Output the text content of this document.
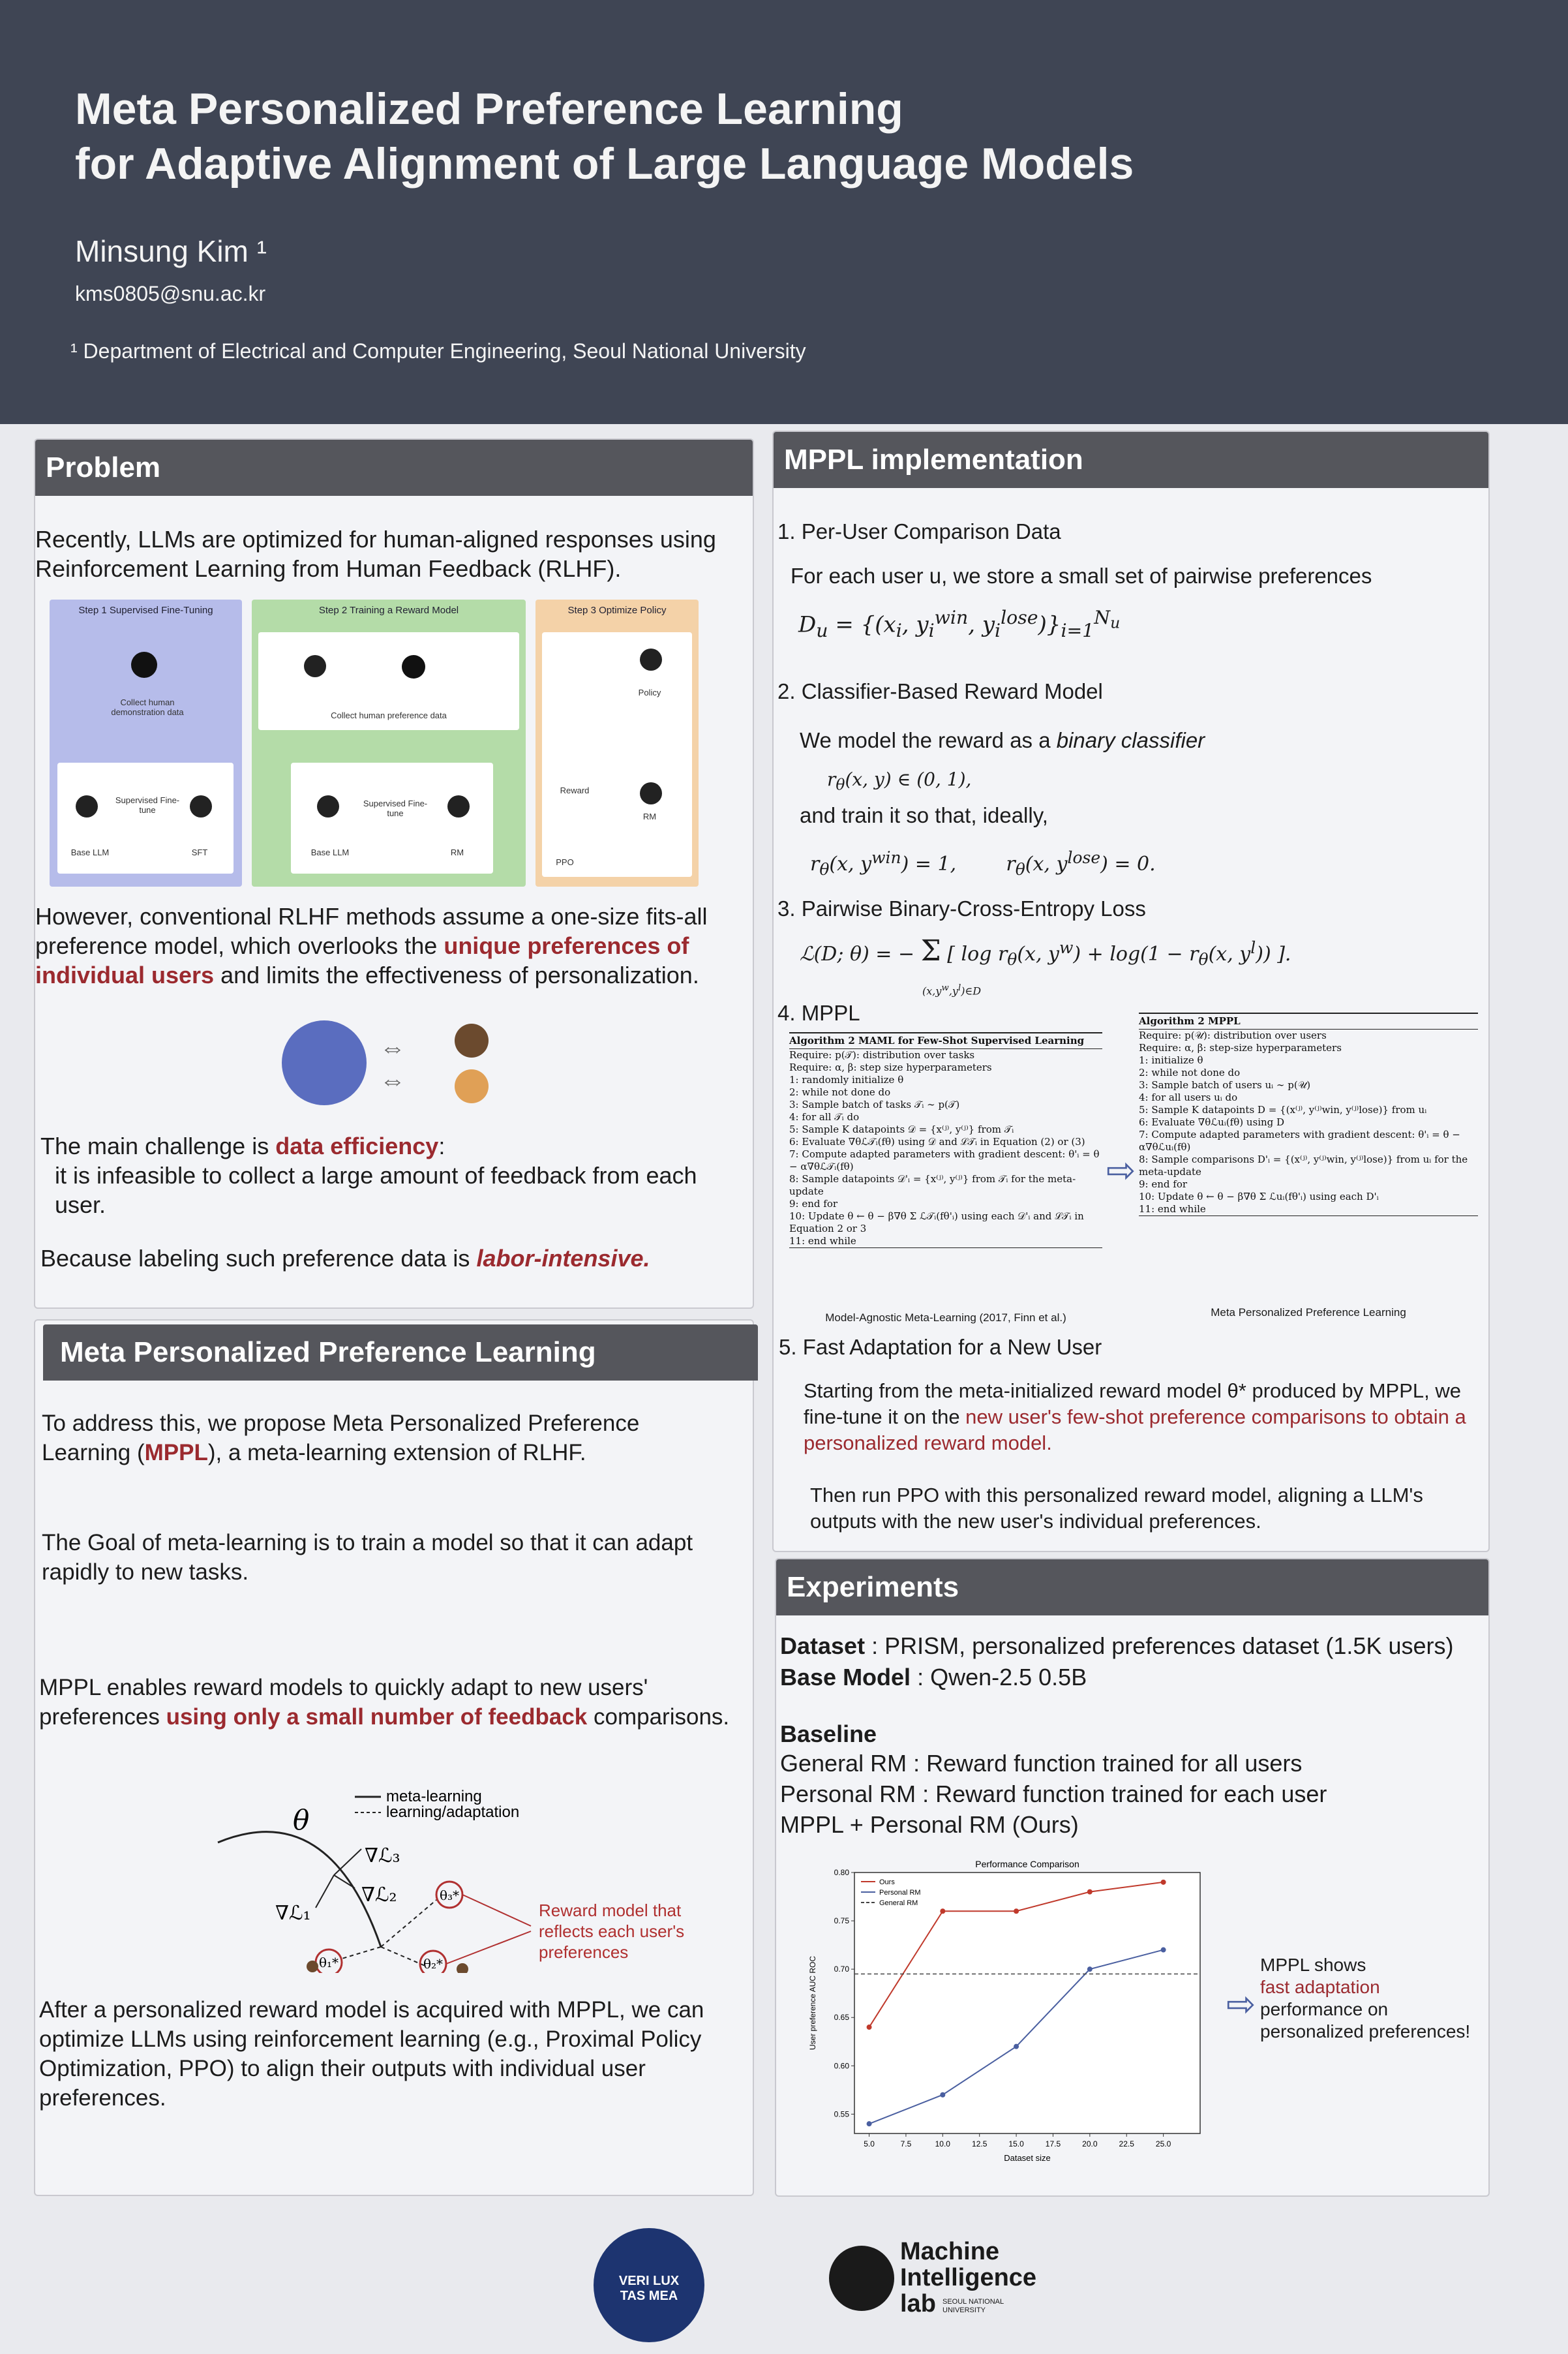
Meta Personalized Preference Learning
for Adaptive Alignment of Large Language Models
Minsung Kim ¹
kms0805@snu.ac.kr
¹ Department of Electrical and Computer Engineering, Seoul National University
Problem
Recently, LLMs are optimized for human-aligned responses using Reinforcement Learning from Human Feedback (RLHF).
Step 1 Supervised Fine-Tuning
Collect human demonstration data
Base LLM
Supervised Fine-tune
SFT
Step 2 Training a Reward Model
Collect human preference data
Base LLM
Supervised Fine-tune
RM
Step 3 Optimize Policy
Policy
Reward
RM
PPO
However, conventional RLHF methods assume a one-size fits-all preference model, which overlooks the unique preferences of individual users and limits the effectiveness of personalization.
⇔
⇔
The main challenge is data efficiency:
it is infeasible to collect a large amount of feedback from each user.
Because labeling such preference data is labor-intensive.
Meta Personalized Preference Learning
To address this, we propose Meta Personalized Preference Learning (MPPL), a meta-learning extension of RLHF.
The Goal of meta-learning is to train a model so that it can adapt rapidly to new tasks.
MPPL enables reward models to quickly adapt to new users' preferences using only a small number of feedback comparisons.
meta-learning
learning/adaptation
θ
∇ℒ₃
∇ℒ₂
∇ℒ₁
θ₃*
θ₁*	θ₂*
Reward model that reflects each user's preferences
After a personalized reward model is acquired with MPPL, we can optimize LLMs using reinforcement learning (e.g., Proximal Policy Optimization, PPO) to align their outputs with individual user preferences.
MPPL implementation
1. Per-User Comparison Data
For each user u, we store a small set of pairwise preferences
$D_u = \{(x_i$, $y_i^{win}$, $y_i^{lose})\}_{i=1}^{N_u}$
2. Classifier-Based Reward Model
We model the reward as a binary classifier
$r_\theta(x$, y) ∈ (0, 1),
and train it so that, ideally,
$r_\theta(x$, $y^{win}) = 1$,        $r_\theta(x$, $y^{lose}) = 0$.
3. Pairwise Binary-Cross-Entropy Loss
ℒ(D; θ) = − Σ [ $\log r_\theta(x$, $y^w) + \log(1 - r_\theta(x$, $y^l$)) ].
$(x,y^w,y^l)\in D$
4. MPPL
Algorithm 2 MAML for Few-Shot Supervised Learning
Require: p(𝒯): distribution over tasks
Require: α, β: step size hyperparameters
1: randomly initialize θ
2: while not done do
3: Sample batch of tasks 𝒯ᵢ ∼ p(𝒯)
4: for all 𝒯ᵢ do
5: Sample K datapoints 𝒟 = {x⁽ʲ⁾, y⁽ʲ⁾} from 𝒯ᵢ
6: Evaluate ∇θℒ𝒯ᵢ(fθ) using 𝒟 and ℒ𝒯ᵢ in Equation (2) or (3)
7: Compute adapted parameters with gradient descent: θ'ᵢ = θ − α∇θℒ𝒯ᵢ(fθ)
8: Sample datapoints 𝒟'ᵢ = {x⁽ʲ⁾, y⁽ʲ⁾} from 𝒯ᵢ for the meta-update
9: end for
10: Update θ ← θ − β∇θ Σ ℒ𝒯ᵢ(fθ'ᵢ) using each 𝒟'ᵢ and ℒ𝒯ᵢ in Equation 2 or 3
11: end while
Model-Agnostic Meta-Learning (2017, Finn et al.)
⇨
Algorithm 2 MPPL
Require: p(𝒰): distribution over users
Require: α, β: step-size hyperparameters
1: initialize θ
2: while not done do
3: Sample batch of users uᵢ ∼ p(𝒰)
4: for all users uᵢ do
5: Sample K datapoints D = {(x⁽ʲ⁾, y⁽ʲ⁾win, y⁽ʲ⁾lose)} from uᵢ
6: Evaluate ∇θℒuᵢ(fθ) using D
7: Compute adapted parameters with gradient descent: θ'ᵢ = θ − α∇θℒuᵢ(fθ)
8: Sample comparisons D'ᵢ = {(x⁽ʲ⁾, y⁽ʲ⁾win, y⁽ʲ⁾lose)} from uᵢ for the meta-update
9: end for
10: Update θ ← θ − β∇θ Σ ℒuᵢ(fθ'ᵢ) using each D'ᵢ
11: end while
Meta Personalized Preference Learning
5. Fast Adaptation for a New User
Starting from the meta-initialized reward model θ* produced by MPPL, we fine-tune it on the new user's few-shot preference comparisons to obtain a personalized reward model.
Then run PPO with this personalized reward model, aligning a LLM's outputs with the new user's individual preferences.
Experiments
Dataset : PRISM, personalized preferences dataset (1.5K users)
Base Model : Qwen-2.5 0.5B
Baseline
General RM : Reward function trained for all users
Personal RM : Reward function trained for each user
MPPL + Personal RM (Ours)
Performance Comparison
Dataset size
User preference AUC ROC
5.0	7.5	10.0	12.5	15.0	17.5	20.0	22.5	25.0
0.55
0.60
0.65
0.70
0.75
0.80
Ours
Personal RM
General RM
⇨
MPPL shows
fast adaptation
performance on personalized preferences!
VERI LUX TAS MEA
Machine
Intelligence
lab SEOUL NATIONAL UNIVERSITY
